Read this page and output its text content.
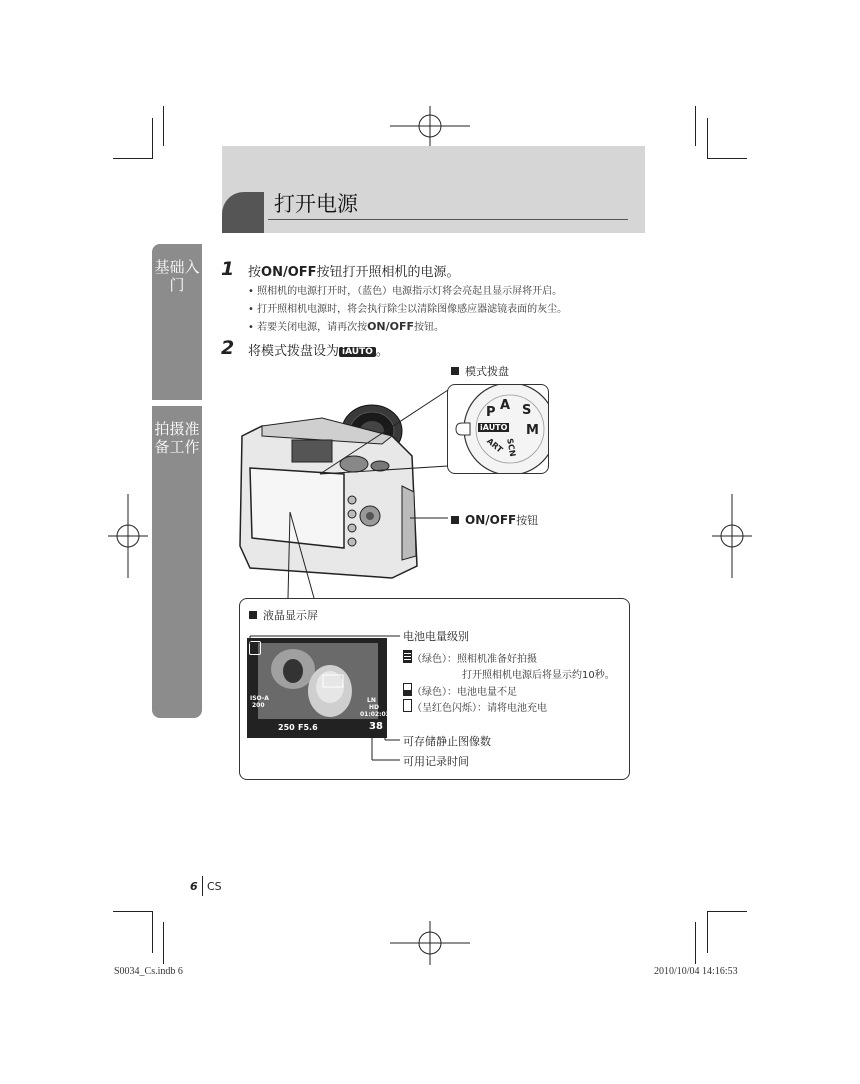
打开电源
基础入门
拍摄准备工作
1 按ON/OFF按钮打开照相机的电源。
• 照相机的电源打开时，（蓝色）电源指示灯将会亮起且显示屏将开启。
• 打开照相机电源时，将会执行除尘以清除图像感应器滤镜表面的灰尘。
• 若要关闭电源，请再次按ON/OFF按钮。
2 将模式拨盘设为 iAUTO 。
模式拨盘
A
P S
M
iAUTO
ART SCN
ON/OFF按钮
液晶显示屏
ISO-A
200
LN
HD
01:02:03
250 F5.6	38
电池电量级别
（绿色）：照相机准备好拍摄
打开照相机电源后将显示约10秒。
（绿色）：电池电量不足
（呈红色闪烁）：请将电池充电
可存储静止图像数
可用记录时间
6 CS
S0034_Cs.indb 6	2010/10/04 14:16:53
